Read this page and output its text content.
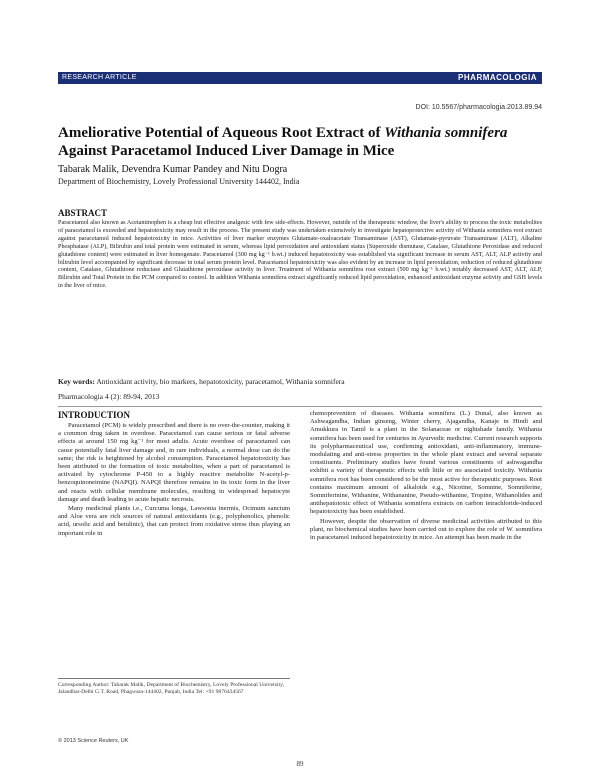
RESEARCH ARTICLE	PHARMACOLOGIA
DOI: 10.5567/pharmacologia.2013.89.94
Ameliorative Potential of Aqueous Root Extract of Withania somnifera Against Paracetamol Induced Liver Damage in Mice
Tabarak Malik, Devendra Kumar Pandey and Nitu Dogra
Department of Biochemistry, Lovely Professional University 144402, India
ABSTRACT
Paracetamol also known as Acetaminophen is a cheap but effective analgesic with few side-effects. However, outside of the therapeutic window, the liver's ability to process the toxic metabolites of paracetamol is exceeded and hepatotoxicity may result in the process. The present study was undertaken extensively to investigate hepatoprotective activity of Withania somnifera root extract against paracetamol induced hepatotoxicity in mice. Activities of liver marker enzymes Glutamate-oxaloacetate Transaminase (AST), Glutamate-pyruvate Transaminase (ALT), Alkaline Phosphatase (ALP), Bilirubin and total protein were estimated in serum, whereas lipid peroxidation and antioxidant status (Superoxide dismutase, Catalase, Glutathione Peroxidase and reduced glutathione content) were estimated in liver homogenate. Paracetamol (300 mg kg⁻¹ b.wt.) induced hepatotoxicity was established via significant increase in serum AST, ALT, ALP activity and bilirubin level accompanied by significant decrease in total serum protein level. Paracetamol hepatotoxicity was also evident by an increase in lipid peroxidation, reduction of reduced glutathione content, Catalase, Glutathione reductase and Glutathione peroxidase activity in liver. Treatment of Withania somnifera root extract (500 mg kg⁻¹ b.wt.) notably decreased AST, ALT, ALP, Bilirubin and Total Protein in the PCM compared to control. In addition Withania somnifera extract significantly reduced lipid peroxidation, enhanced antioxidant enzyme activity and GSH levels in the liver of mice.
Key words: Antioxidant activity, bio markers, hepatotoxicity, paracetamol, Withania somnifera
Pharmacologia 4 (2): 89-94, 2013
INTRODUCTION

Paracetamol (PCM) is widely prescribed and there is no over-the-counter, making it a common drug taken in overdose. Paracetamol can cause serious or fatal adverse effects at around 150 mg kg⁻¹ for most adults. Acute overdose of paracetamol can cause potentially fatal liver damage and, in rare individuals, a normal dose can do the same; the risk is heightened by alcohol consumption. Paracetamol hepatotoxicity has been attributed to the formation of toxic metabolites, when a part of paracetamol is activated by cytochrome P-450 to a highly reactive metabolite N-acetyl-p-benzoquinoneimine (NAPQI). NAPQI therefore remains in its toxic form in the liver and reacts with cellular membrane molecules, resulting in widespread hepatocyte damage and death leading to acute hepatic necrosis.

Many medicinal plants i.e., Curcuma longa, Lawsonia inermis, Ocimum sanctum and Aloe vera are rich sources of natural antioxidants (e.g., polyphenolics, phenolic acid, ursolic acid and betulinic), that can protect from oxidative stress thus playing an important role in

chemoprevention of diseases. Withania somnifera (L.) Dunal, also known as Ashwagandha, Indian ginseng, Winter cherry, Ajagandha, Kanaje in Hindi and Amukkura in Tamil is a plant in the Solanaceae or nightshade family. Withania somnifera has been used for centuries in Ayurvedic medicine. Current research supports its polypharmaceutical use, confirming antioxidant, anti-inflammatory, immune-modulating and anti-stress properties in the whole plant extract and several separate constituents. Preliminary studies have found various constituents of ashwagandha exhibit a variety of therapeutic effects with little or no associated toxicity. Withania somnifera root has been considered to be the most active for therapeutic purposes. Root contains maximum amount of alkaloids e.g., Nicotine, Somnine, Somniferine, Somniferinine, Withanine, Withananine, Pseudo-withanine, Tropine, Withanolides and antihepatotoxic effect of Withania somnifera extracts on carbon tetrachloride-induced hepatotoxicity has been established.

However, despite the observation of diverse medicinal activities attributed to this plant, no biochemical studies have been carried out to explore the role of W. somnifera in paracetamol induced hepatotoxicity in mice. An attempt has been made in the

Corresponding Author: Tabarak Malik, Department of Biochemistry, Lovely Professional University, Jalandhar-Delhi G.T. Road, Phagwara-144402, Punjab, India Tel: +91 9876434567
© 2013 Science Reuters, UK
89
